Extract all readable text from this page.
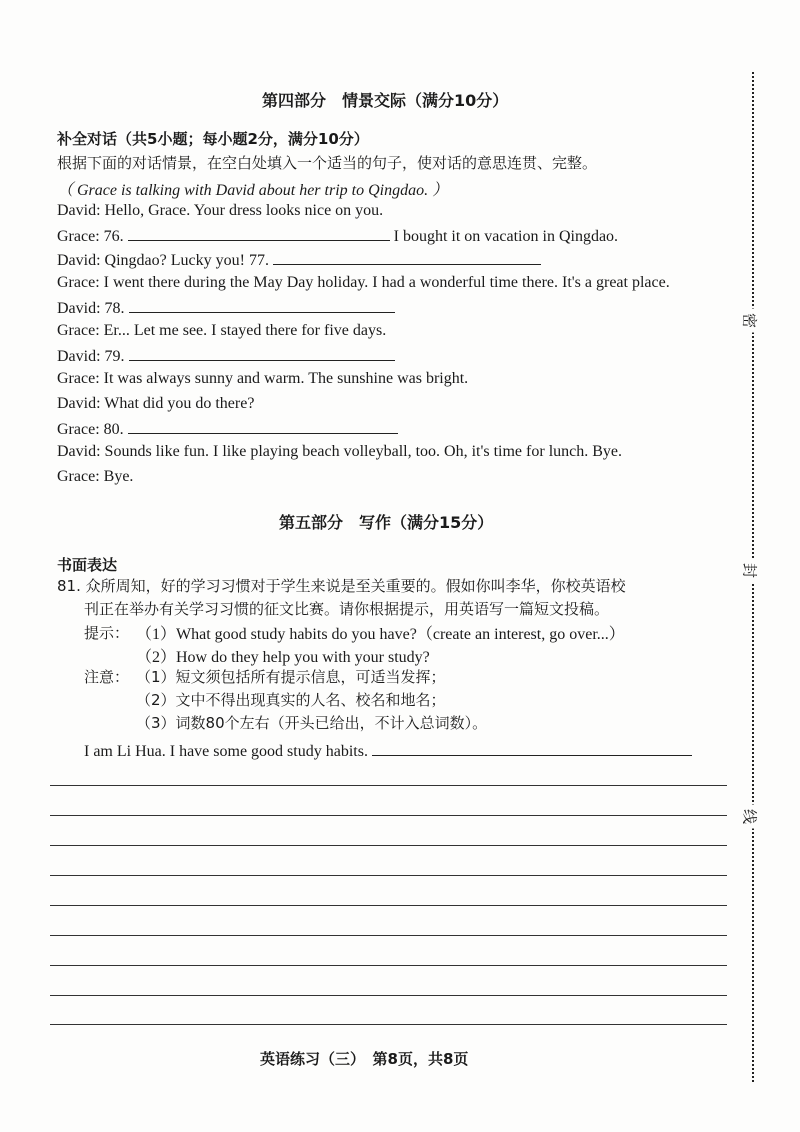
第四部分　情景交际（满分10分）
补全对话（共5小题；每小题2分，满分10分）
根据下面的对话情景，在空白处填入一个适当的句子，使对话的意思连贯、完整。
（ Grace is talking with David about her trip to Qingdao. ）
David: Hello, Grace. Your dress looks nice on you.
Grace: 76.	I bought it on vacation in Qingdao.
David: Qingdao? Lucky you! 77.
Grace: I went there during the May Day holiday. I had a wonderful time there. It's a great place.
David: 78.
Grace: Er... Let me see. I stayed there for five days.
David: 79.
Grace: It was always sunny and warm. The sunshine was bright.
David: What did you do there?
Grace: 80.
David: Sounds like fun. I like playing beach volleyball, too. Oh, it's time for lunch. Bye.
Grace: Bye.
第五部分　写作（满分15分）
书面表达
81. 众所周知，好的学习习惯对于学生来说是至关重要的。假如你叫李华，你校英语校
刊正在举办有关学习习惯的征文比赛。请你根据提示，用英语写一篇短文投稿。
提示： （1）What good study habits do you have?（create an interest, go over...）
（2）How do they help you with your study?
注意： （1）短文须包括所有提示信息，可适当发挥；
（2）文中不得出现真实的人名、校名和地名；
（3）词数80个左右（开头已给出，不计入总词数）。
I am Li Hua. I have some good study habits.
英语练习（三）　第8页，共8页
密
封
线
